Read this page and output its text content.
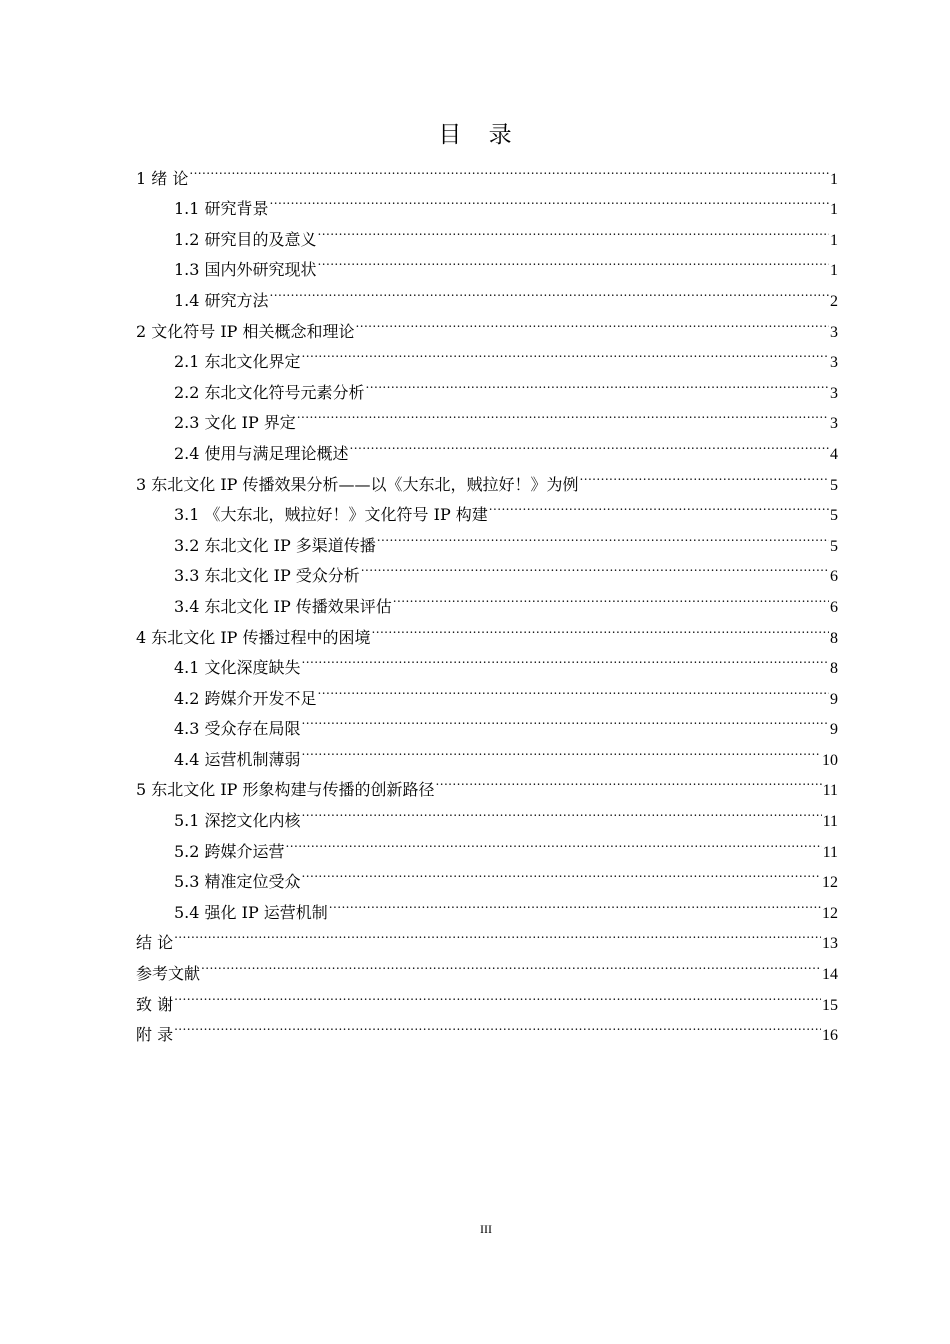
目 录
1 绪 论 .....	1
1.1 研究背景 .....	1
1.2 研究目的及意义 .....	1
1.3 国内外研究现状 .....	1
1.4 研究方法 .....	2
2 文化符号 IP 相关概念和理论 .....	3
2.1 东北文化界定 .....	3
2.2 东北文化符号元素分析 .....	3
2.3 文化 IP 界定 .....	3
2.4 使用与满足理论概述 .....	4
3 东北文化 IP 传播效果分析——以《大东北，贼拉好！》为例 .....	5
3.1 《大东北，贼拉好！》文化符号 IP 构建 .....	5
3.2 东北文化 IP 多渠道传播 .....	5
3.3 东北文化 IP 受众分析 .....	6
3.4 东北文化 IP 传播效果评估 .....	6
4 东北文化 IP 传播过程中的困境 .....	8
4.1 文化深度缺失 .....	8
4.2 跨媒介开发不足 .....	9
4.3 受众存在局限 .....	9
4.4 运营机制薄弱 .....	10
5 东北文化 IP 形象构建与传播的创新路径 .....	11
5.1 深挖文化内核 .....	11
5.2 跨媒介运营 .....	11
5.3 精准定位受众 .....	12
5.4 强化 IP 运营机制 .....	12
结 论 .....	13
参考文献 .....	14
致 谢 .....	15
附 录 .....	16
III
